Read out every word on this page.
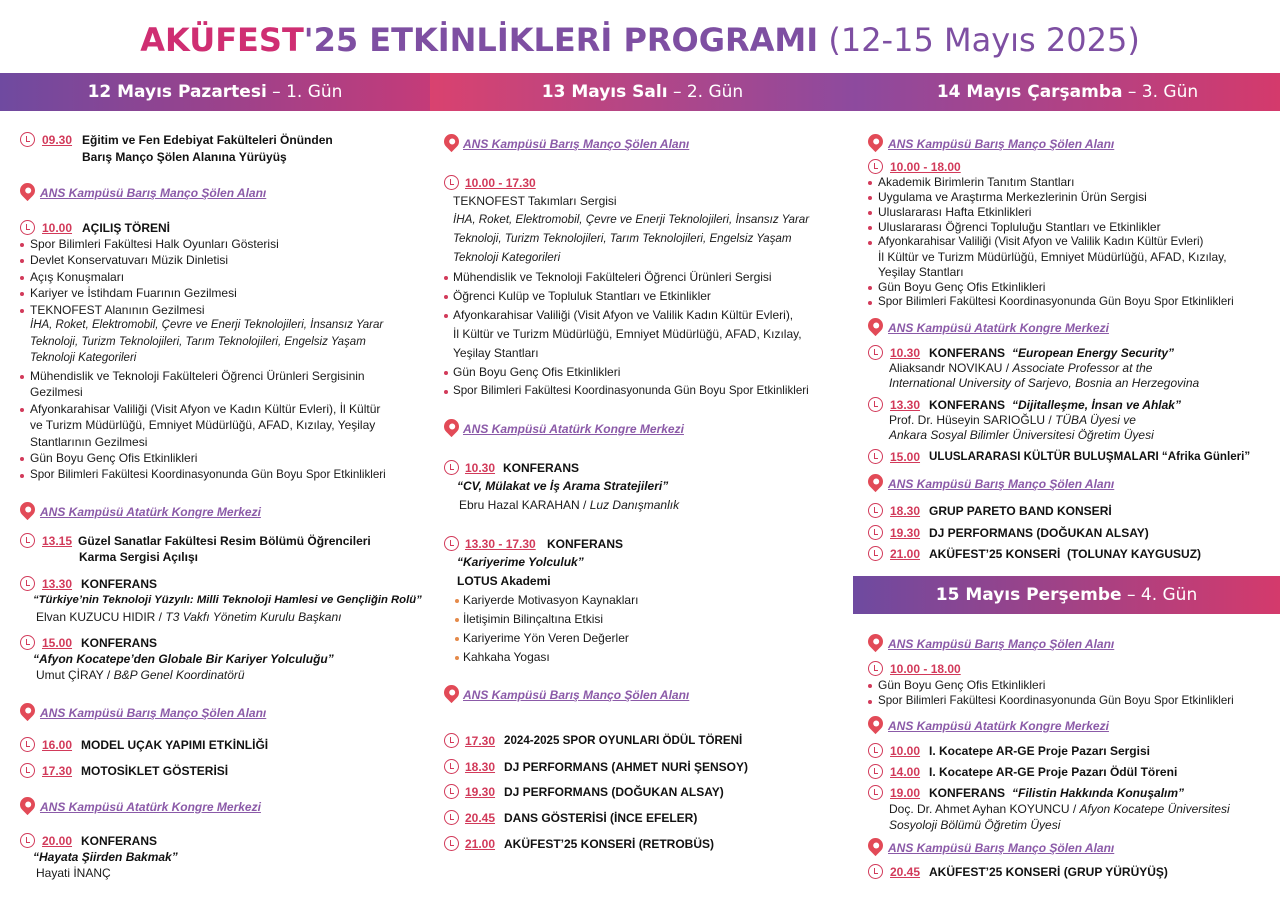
AKÜFEST'25 ETKİNLİKLERİ PROGRAMI (12-15 Mayıs 2025)
12 Mayıs Pazartesi – 1. Gün	13 Mayıs Salı – 2. Gün	14 Mayıs Çarşamba – 3. Gün
15 Mayıs Perşembe – 4. Gün
09.30 Eğitim ve Fen Edebiyat Fakülteleri Önünden
Barış Manço Şölen Alanına Yürüyüş
ANS Kampüsü Barış Manço Şölen Alanı
10.00 AÇILIŞ TÖRENİ
Spor Bilimleri Fakültesi Halk Oyunları Gösterisi
Devlet Konservatuvarı Müzik Dinletisi
Açış Konuşmaları
Kariyer ve İstihdam Fuarının Gezilmesi
TEKNOFEST Alanının Gezilmesi
İHA, Roket, Elektromobil, Çevre ve Enerji Teknolojileri, İnsansız Yarar
Teknoloji, Turizm Teknolojileri, Tarım Teknolojileri, Engelsiz Yaşam
Teknoloji Kategorileri
Mühendislik ve Teknoloji Fakülteleri Öğrenci Ürünleri Sergisinin
Gezilmesi
Afyonkarahisar Valiliği (Visit Afyon ve Kadın Kültür Evleri), İl Kültür
ve Turizm Müdürlüğü, Emniyet Müdürlüğü, AFAD, Kızılay, Yeşilay
Stantlarının Gezilmesi
Gün Boyu Genç Ofis Etkinlikleri
Spor Bilimleri Fakültesi Koordinasyonunda Gün Boyu Spor Etkinlikleri
ANS Kampüsü Atatürk Kongre Merkezi
13.15 Güzel Sanatlar Fakültesi Resim Bölümü Öğrencileri
Karma Sergisi Açılışı
13.30 KONFERANS
“Türkiye’nin Teknoloji Yüzyılı: Milli Teknoloji Hamlesi ve Gençliğin Rolü”
Elvan KUZUCU HIDIR / T3 Vakfı Yönetim Kurulu Başkanı
15.00 KONFERANS
“Afyon Kocatepe’den Globale Bir Kariyer Yolculuğu”
Umut ÇİRAY / B&P Genel Koordinatörü
ANS Kampüsü Barış Manço Şölen Alanı
16.00 MODEL UÇAK YAPIMI ETKİNLİĞİ
17.30 MOTOSİKLET GÖSTERİSİ
ANS Kampüsü Atatürk Kongre Merkezi
20.00 KONFERANS
“Hayata Şiirden Bakmak”
Hayati İNANÇ
ANS Kampüsü Barış Manço Şölen Alanı
10.00 - 17.30
TEKNOFEST Takımları Sergisi
İHA, Roket, Elektromobil, Çevre ve Enerji Teknolojileri, İnsansız Yarar
Teknoloji, Turizm Teknolojileri, Tarım Teknolojileri, Engelsiz Yaşam
Teknoloji Kategorileri
Mühendislik ve Teknoloji Fakülteleri Öğrenci Ürünleri Sergisi
Öğrenci Kulüp ve Topluluk Stantları ve Etkinlikler
Afyonkarahisar Valiliği (Visit Afyon ve Valilik Kadın Kültür Evleri),
İl Kültür ve Turizm Müdürlüğü, Emniyet Müdürlüğü, AFAD, Kızılay,
Yeşilay Stantları
Gün Boyu Genç Ofis Etkinlikleri
Spor Bilimleri Fakültesi Koordinasyonunda Gün Boyu Spor Etkinlikleri
ANS Kampüsü Atatürk Kongre Merkezi
10.30 KONFERANS
“CV, Mülakat ve İş Arama Stratejileri”
Ebru Hazal KARAHAN / Luz Danışmanlık
13.30 - 17.30 KONFERANS
“Kariyerime Yolculuk”
LOTUS Akademi
Kariyerde Motivasyon Kaynakları
İletişimin Bilinçaltına Etkisi
Kariyerime Yön Veren Değerler
Kahkaha Yogası
ANS Kampüsü Barış Manço Şölen Alanı
17.30 2024-2025 SPOR OYUNLARI ÖDÜL TÖRENİ
18.30 DJ PERFORMANS (AHMET NURİ ŞENSOY)
19.30 DJ PERFORMANS (DOĞUKAN ALSAY)
20.45 DANS GÖSTERİSİ (İNCE EFELER)
21.00 AKÜFEST’25 KONSERİ (RETROBÜS)
ANS Kampüsü Barış Manço Şölen Alanı
10.00 - 18.00
Akademik Birimlerin Tanıtım Stantları
Uygulama ve Araştırma Merkezlerinin Ürün Sergisi
Uluslararası Hafta Etkinlikleri
Uluslararası Öğrenci Topluluğu Stantları ve Etkinlikler
Afyonkarahisar Valiliği (Visit Afyon ve Valilik Kadın Kültür Evleri)
İl Kültür ve Turizm Müdürlüğü, Emniyet Müdürlüğü, AFAD, Kızılay,
Yeşilay Stantları
Gün Boyu Genç Ofis Etkinlikleri
Spor Bilimleri Fakültesi Koordinasyonunda Gün Boyu Spor Etkinlikleri
ANS Kampüsü Atatürk Kongre Merkezi
10.30 KONFERANS “European Energy Security”
Aliaksandr NOVIKAU / Associate Professor at the
International University of Sarjevo, Bosnia an Herzegovina
13.30 KONFERANS “Dijitalleşme, İnsan ve Ahlak”
Prof. Dr. Hüseyin SARIOĞLU / TÜBA Üyesi ve
Ankara Sosyal Bilimler Üniversitesi Öğretim Üyesi
15.00 ULUSLARARASI KÜLTÜR BULUŞMALARI “Afrika Günleri”
ANS Kampüsü Barış Manço Şölen Alanı
18.30 GRUP PARETO BAND KONSERİ
19.30 DJ PERFORMANS (DOĞUKAN ALSAY)
21.00 AKÜFEST’25 KONSERİ  (TOLUNAY KAYGUSUZ)
ANS Kampüsü Barış Manço Şölen Alanı
10.00 - 18.00
Gün Boyu Genç Ofis Etkinlikleri
Spor Bilimleri Fakültesi Koordinasyonunda Gün Boyu Spor Etkinlikleri
ANS Kampüsü Atatürk Kongre Merkezi
10.00 I. Kocatepe AR-GE Proje Pazarı Sergisi
14.00 I. Kocatepe AR-GE Proje Pazarı Ödül Töreni
19.00 KONFERANS “Filistin Hakkında Konuşalım”
Doç. Dr. Ahmet Ayhan KOYUNCU / Afyon Kocatepe Üniversitesi
Sosyoloji Bölümü Öğretim Üyesi
ANS Kampüsü Barış Manço Şölen Alanı
20.45 AKÜFEST’25 KONSERİ (GRUP YÜRÜYÜŞ)
